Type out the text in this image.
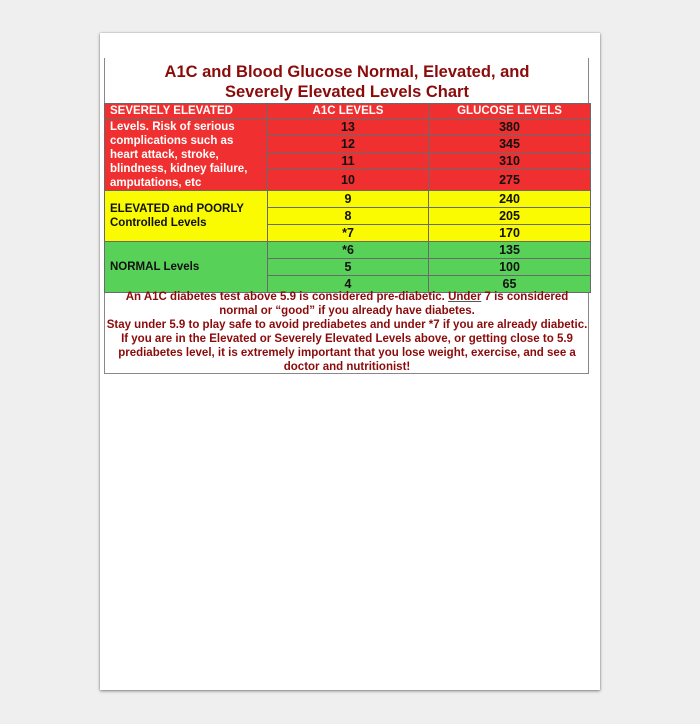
A1C and Blood Glucose Normal, Elevated, and
Severely Elevated Levels Chart
SEVERELY ELEVATED	A1C LEVELS	GLUCOSE LEVELS

Levels. Risk of serious
complications such as
heart attack, stroke,
blindness, kidney failure,
amputations, etc	13	380
	12	345
	11	310
	10	275

ELEVATED and POORLY
Controlled Levels	9	240
	8	205
	*7	170
NORMAL Levels	*6	135
	5	100
	4	65
An A1C diabetes test above 5.9 is considered pre-diabetic. Under 7 is considered normal or “good” if you already have diabetes.
Stay under 5.9 to play safe to avoid prediabetes and under *7 if you are already diabetic. If you are in the Elevated or Severely Elevated Levels above, or getting close to 5.9 prediabetes level, it is extremely important that you lose weight, exercise, and see a doctor and nutritionist!
